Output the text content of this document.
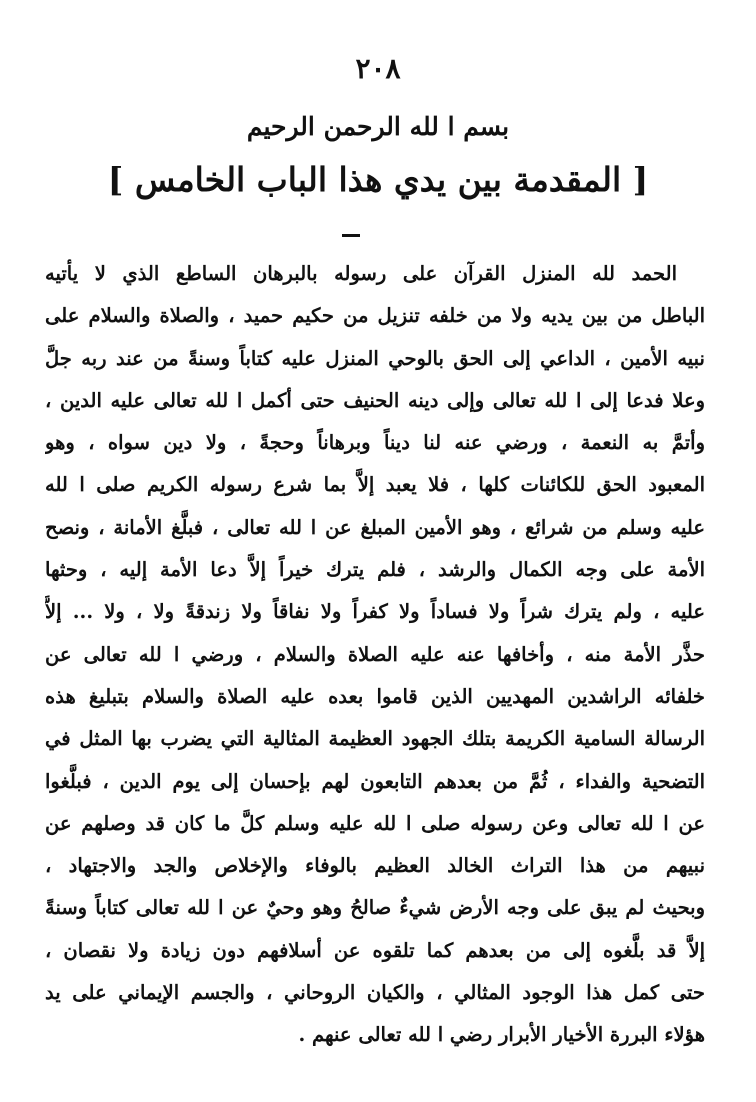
٢٠٨
بسم ا لله الرحمن الرحيم
[ المقدمة بين يدي هذا الباب الخامس ]
الحمد لله المنزل القرآن على رسوله بالبرهان الساطع الذي لا يأتيه
الباطل من بين يديه ولا من خلفه تنزيل من حكيم حميد ، والصلاة والسلام على
نبيه الأمين ، الداعي إلى الحق بالوحي المنزل عليه كتاباً وسنةً من عند ربه جلَّ
وعلا فدعا إلى ا لله تعالى وإلى دينه الحنيف حتى أكمل ا لله تعالى عليه الدين ،
وأتمَّ به النعمة ، ورضي عنه لنا ديناً وبرهاناً وحجةً ، ولا دين سواه ، وهو
المعبود الحق للكائنات كلها ، فلا يعبد إلاَّ بما شرع رسوله الكريم صلى ا لله
عليه وسلم من شرائع ، وهو الأمين المبلغ عن ا لله تعالى ، فبلَّغ الأمانة ، ونصح
الأمة على وجه الكمال والرشد ، فلم يترك خيراً إلاَّ دعا الأمة إليه ، وحثها
عليه ، ولم يترك شراً ولا فساداً ولا كفراً ولا نفاقاً ولا زندقةً ولا ، ولا ... إلاَّ
حذَّر الأمة منه ، وأخافها عنه عليه الصلاة والسلام ، ورضي ا لله تعالى عن
خلفائه الراشدين المهديين الذين قاموا بعده عليه الصلاة والسلام بتبليغ هذه
الرسالة السامية الكريمة بتلك الجهود العظيمة المثالية التي يضرب بها المثل في
التضحية والفداء ، ثُمَّ من بعدهم التابعون لهم بإحسان إلى يوم الدين ، فبلَّغوا
عن ا لله تعالى وعن رسوله صلى ا لله عليه وسلم كلَّ ما كان قد وصلهم عن
نبيهم من هذا التراث الخالد العظيم بالوفاء والإخلاص والجد والاجتهاد ،
وبحيث لم يبق على وجه الأرض شيءٌ صالحُ وهو وحيٌ عن ا لله تعالى كتاباً وسنةً
إلاَّ قد بلَّغوه إلى من بعدهم كما تلقوه عن أسلافهم دون زيادة ولا نقصان ،
حتى كمل هذا الوجود المثالي ، والكيان الروحاني ، والجسم الإيماني على يد
هؤلاء البررة الأخيار الأبرار رضي ا لله تعالى عنهم .
